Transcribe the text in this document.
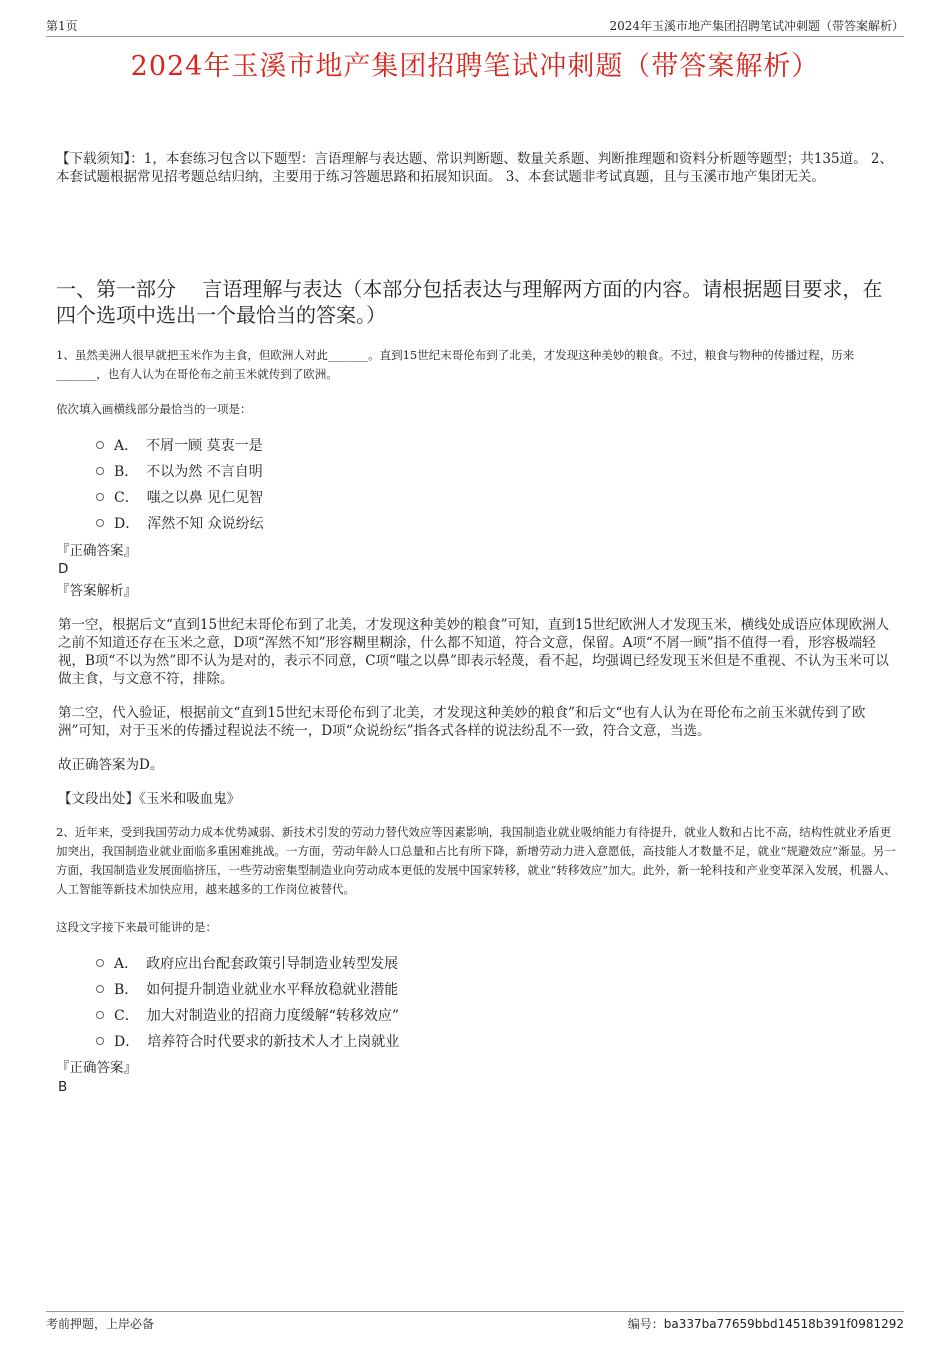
第1页	2024年玉溪市地产集团招聘笔试冲刺题（带答案解析）
2024年玉溪市地产集团招聘笔试冲刺题（带答案解析）

【下载须知】：1，本套练习包含以下题型：言语理解与表达题、常识判断题、数量关系题、判断推理题和资料分析题等题型；共135道。 2、本套试题根据常见招考题总结归纳，主要用于练习答题思路和拓展知识面。 3、本套试题非考试真题，且与玉溪市地产集团无关。

一、第一部分　 言语理解与表达（本部分包括表达与理解两方面的内容。请根据题目要求，在四个选项中选出一个最恰当的答案。）

1、虽然美洲人很早就把玉米作为主食，但欧洲人对此_______。直到15世纪末哥伦布到了北美，才发现这种美妙的粮食。不过，粮食与物种的传播过程，历来_______，也有人认为在哥伦布之前玉米就传到了欧洲。

依次填入画横线部分最恰当的一项是：

A． 不屑一顾 莫衷一是
B． 不以为然 不言自明
C． 嗤之以鼻 见仁见智
D． 浑然不知 众说纷纭

『正确答案』

D

『答案解析』

第一空，根据后文“直到15世纪末哥伦布到了北美，才发现这种美妙的粮食”可知，直到15世纪欧洲人才发现玉米，横线处成语应体现欧洲人之前不知道还存在玉米之意，D项“浑然不知”形容糊里糊涂，什么都不知道，符合文意，保留。A项“不屑一顾”指不值得一看，形容极端轻视，B项“不以为然”即不认为是对的，表示不同意，C项“嗤之以鼻”即表示轻蔑，看不起，均强调已经发现玉米但是不重视、不认为玉米可以做主食，与文意不符，排除。

第二空，代入验证，根据前文“直到15世纪末哥伦布到了北美，才发现这种美妙的粮食”和后文“也有人认为在哥伦布之前玉米就传到了欧洲”可知，对于玉米的传播过程说法不统一，D项“众说纷纭”指各式各样的说法纷乱不一致，符合文意，当选。

故正确答案为D。

【文段出处】《玉米和吸血鬼》

2、近年来，受到我国劳动力成本优势减弱、新技术引发的劳动力替代效应等因素影响，我国制造业就业吸纳能力有待提升，就业人数和占比不高，结构性就业矛盾更加突出，我国制造业就业面临多重困难挑战。一方面，劳动年龄人口总量和占比有所下降，新增劳动力进入意愿低，高技能人才数量不足，就业“规避效应”渐显。另一方面，我国制造业发展面临挤压，一些劳动密集型制造业向劳动成本更低的发展中国家转移，就业“转移效应”加大。此外，新一轮科技和产业变革深入发展，机器人、人工智能等新技术加快应用，越来越多的工作岗位被替代。

这段文字接下来最可能讲的是：

A． 政府应出台配套政策引导制造业转型发展
B． 如何提升制造业就业水平释放稳就业潜能
C． 加大对制造业的招商力度缓解“转移效应”
D． 培养符合时代要求的新技术人才上岗就业

『正确答案』

B

考前押题，上岸必备	编号：ba337ba77659bbd14518b391f0981292
